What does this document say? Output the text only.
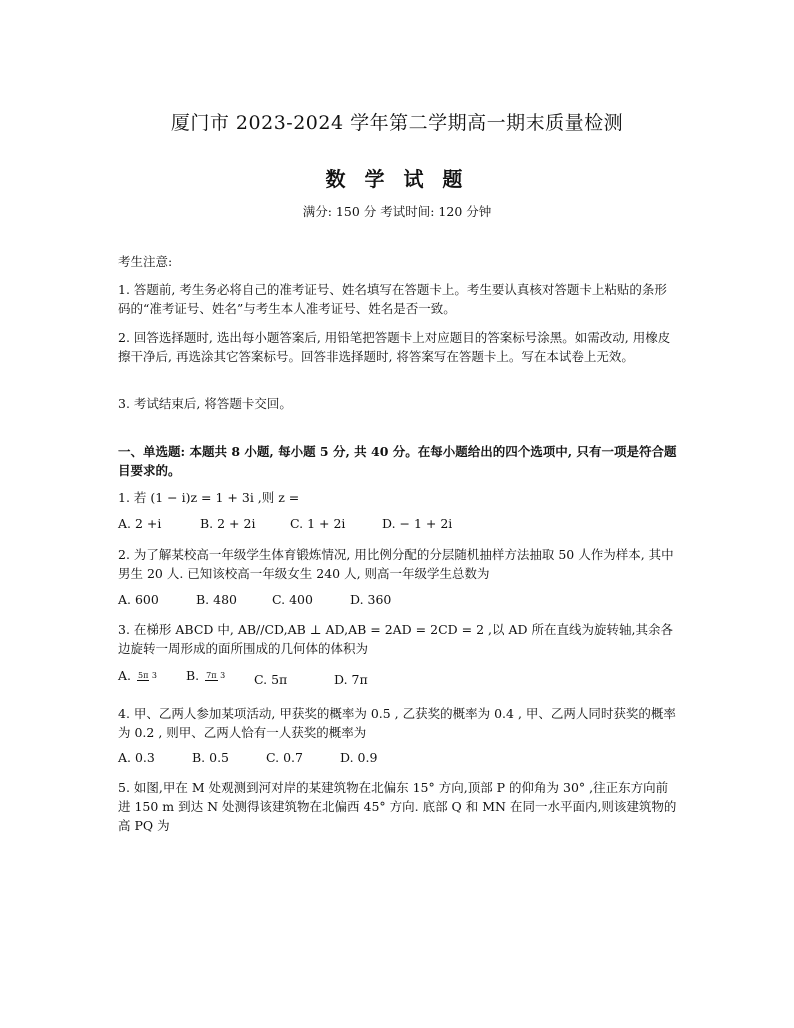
厦门市 2023-2024 学年第二学期高一期末质量检测
数 学 试 题
满分: 150 分 考试时间: 120 分钟
考生注意:
1. 答题前, 考生务必将自己的准考证号、姓名填写在答题卡上。考生要认真核对答题卡上粘贴的条形码的“准考证号、姓名”与考生本人准考证号、姓名是否一致。
2. 回答选择题时, 选出每小题答案后, 用铅笔把答题卡上对应题目的答案标号涂黑。如需改动, 用橡皮擦干净后, 再选涂其它答案标号。回答非选择题时, 将答案写在答题卡上。写在本试卷上无效。
3. 考试结束后, 将答题卡交回。
一、单选题: 本题共 8 小题, 每小题 5 分, 共 40 分。在每小题给出的四个选项中, 只有一项是符合题目要求的。
1. 若 (1 − i)z = 1 + 3i ,则 z =
A. 2 +i	B. 2 + 2i	C. 1 + 2i	D. − 1 + 2i
2. 为了解某校高一年级学生体育锻炼情况, 用比例分配的分层随机抽样方法抽取 50 人作为样本, 其中男生 20 人. 已知该校高一年级女生 240 人, 则高一年级学生总数为
A. 600	B. 480	C. 400	D. 360
3. 在梯形 ABCD 中, AB//CD,AB ⊥ AD,AB = 2AD = 2CD = 2 ,以 AD 所在直线为旋转轴,其余各边旋转一周形成的面所围成的几何体的体积为
A. 5π 3	B. 7π 3	C. 5π	D. 7π
4. 甲、乙两人参加某项活动, 甲获奖的概率为 0.5 , 乙获奖的概率为 0.4 , 甲、乙两人同时获奖的概率为 0.2 , 则甲、乙两人恰有一人获奖的概率为
A. 0.3	B. 0.5	C. 0.7	D. 0.9
5. 如图,甲在 M 处观测到河对岸的某建筑物在北偏东 15° 方向,顶部 P 的仰角为 30° ,往正东方向前进 150 m 到达 N 处测得该建筑物在北偏西 45° 方向. 底部 Q 和 MN 在同一水平面内,则该建筑物的高 PQ 为
